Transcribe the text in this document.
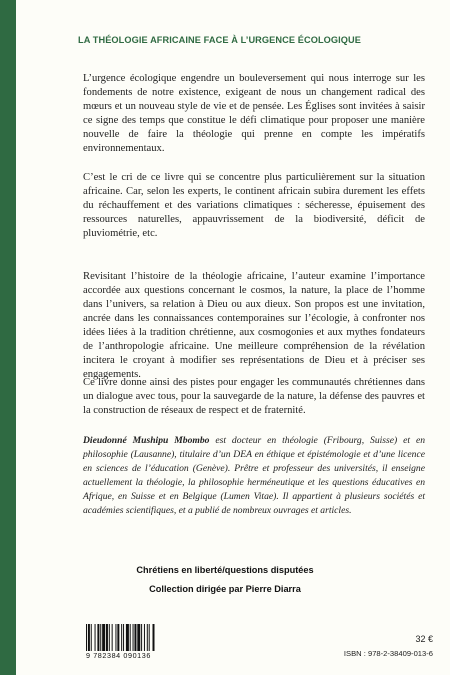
LA THÉOLOGIE AFRICAINE FACE À L’URGENCE ÉCOLOGIQUE

L’urgence écologique engendre un bouleversement qui nous interroge sur les fondements de notre existence, exigeant de nous un changement radical des mœurs et un nouveau style de vie et de pensée. Les Églises sont invitées à saisir ce signe des temps que constitue le défi climatique pour proposer une manière nouvelle de faire la théologie qui prenne en compte les impératifs environnementaux.

C’est le cri de ce livre qui se concentre plus particulièrement sur la situation africaine. Car, selon les experts, le continent africain subira durement les effets du réchauffement et des variations climatiques : sécheresse, épuisement des ressources naturelles, appauvrissement de la biodiversité, déficit de pluviométrie, etc.

Revisitant l’histoire de la théologie africaine, l’auteur examine l’importance accordée aux questions concernant le cosmos, la nature, la place de l’homme dans l’univers, sa relation à Dieu ou aux dieux. Son propos est une invitation, ancrée dans les connaissances contemporaines sur l’écologie, à confronter nos idées liées à la tradition chrétienne, aux cosmogonies et aux mythes fondateurs de l’anthropologie africaine. Une meilleure compréhension de la révélation incitera le croyant à modifier ses représentations de Dieu et à préciser ses engagements.

Ce livre donne ainsi des pistes pour engager les communautés chrétiennes dans un dialogue avec tous, pour la sauvegarde de la nature, la défense des pauvres et la construction de réseaux de respect et de fraternité.

Dieudonné Mushipu Mbombo est docteur en théologie (Fribourg, Suisse) et en philosophie (Lausanne), titulaire d’un DEA en éthique et épistémologie et d’une licence en sciences de l’éducation (Genève). Prêtre et professeur des universités, il enseigne actuellement la théologie, la philosophie herméneutique et les questions éducatives en Afrique, en Suisse et en Belgique (Lumen Vitae). Il appartient à plusieurs sociétés et académies scientifiques, et a publié de nombreux ouvrages et articles.

Chrétiens en liberté/questions disputées
Collection dirigée par Pierre Diarra
9 782384 090136
32 €
ISBN : 978-2-38409-013-6
